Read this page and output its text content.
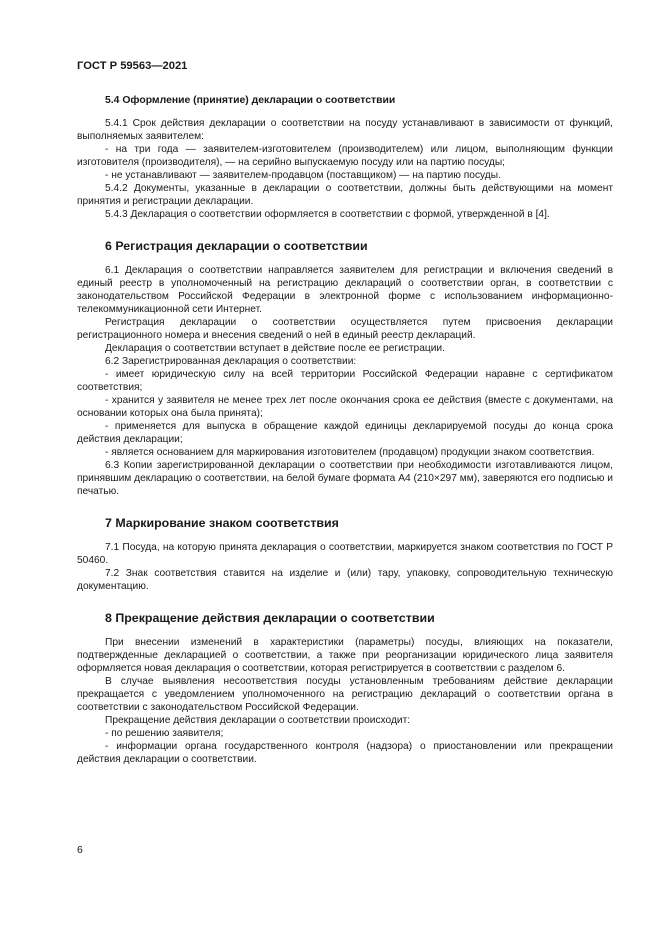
ГОСТ Р 59563—2021
5.4 Оформление (принятие) декларации о соответствии

5.4.1 Срок действия декларации о соответствии на посуду устанавливают в зависимости от функций, выполняемых заявителем:

- на три года — заявителем-изготовителем (производителем) или лицом, выполняющим функции изготовителя (производителя), — на серийно выпускаемую посуду или на партию посуды;

- не устанавливают — заявителем-продавцом (поставщиком) — на партию посуды.

5.4.2 Документы, указанные в декларации о соответствии, должны быть действующими на момент принятия и регистрации декларации.

5.4.3 Декларация о соответствии оформляется в соответствии с формой, утвержденной в [4].

6 Регистрация декларации о соответствии

6.1 Декларация о соответствии направляется заявителем для регистрации и включения сведений в единый реестр в уполномоченный на регистрацию деклараций о соответствии орган, в соответствии с законодательством Российской Федерации в электронной форме с использованием информационно-телекоммуникационной сети Интернет.

Регистрация декларации о соответствии осуществляется путем присвоения декларации регистрационного номера и внесения сведений о ней в единый реестр деклараций.

Декларация о соответствии вступает в действие после ее регистрации.

6.2 Зарегистрированная декларация о соответствии:

- имеет юридическую силу на всей территории Российской Федерации наравне с сертификатом соответствия;

- хранится у заявителя не менее трех лет после окончания срока ее действия (вместе с документами, на основании которых она была принята);

- применяется для выпуска в обращение каждой единицы декларируемой посуды до конца срока действия декларации;

- является основанием для маркирования изготовителем (продавцом) продукции знаком соответствия.

6.3 Копии зарегистрированной декларации о соответствии при необходимости изготавливаются лицом, принявшим декларацию о соответствии, на белой бумаге формата А4 (210×297 мм), заверяются его подписью и печатью.

7 Маркирование знаком соответствия

7.1 Посуда, на которую принята декларация о соответствии, маркируется знаком соответствия по ГОСТ Р 50460.

7.2 Знак соответствия ставится на изделие и (или) тару, упаковку, сопроводительную техническую документацию.

8 Прекращение действия декларации о соответствии

При внесении изменений в характеристики (параметры) посуды, влияющих на показатели, подтвержденные декларацией о соответствии, а также при реорганизации юридического лица заявителя оформляется новая декларация о соответствии, которая регистрируется в соответствии с разделом 6.

В случае выявления несоответствия посуды установленным требованиям действие декларации прекращается с уведомлением уполномоченного на регистрацию деклараций о соответствии органа в соответствии с законодательством Российской Федерации.

Прекращение действия декларации о соответствии происходит:

- по решению заявителя;

- информации органа государственного контроля (надзора) о приостановлении или прекращении действия декларации о соответствии.

6
